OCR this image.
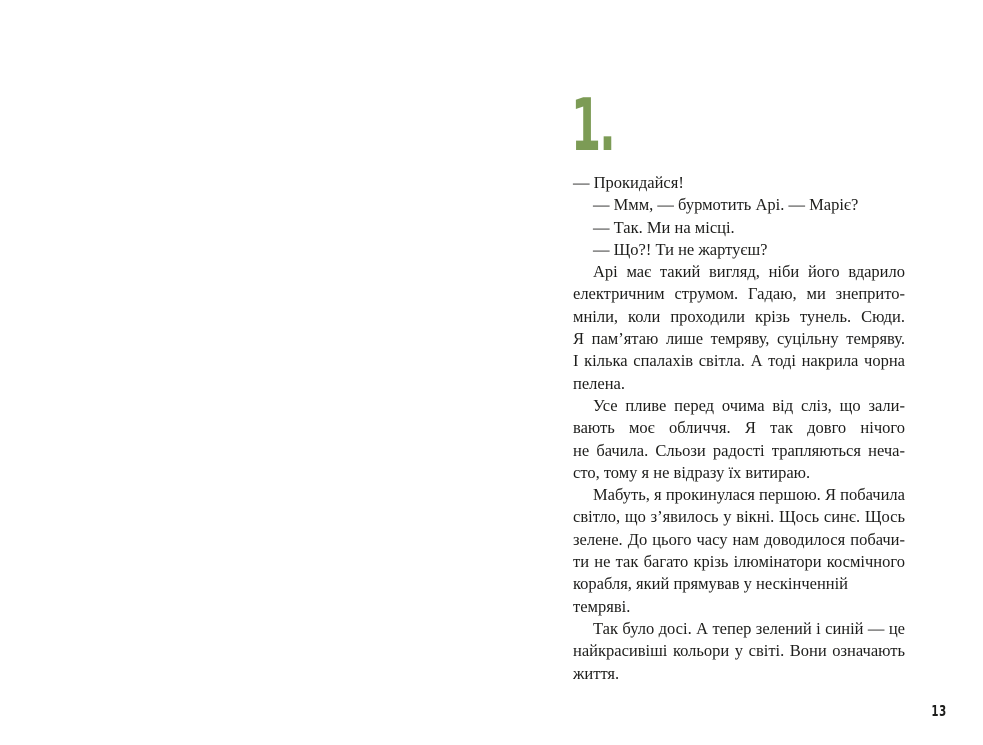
1.
— Прокидайся!
— Ммм, — бурмотить Арі. — Маріє?
— Так. Ми на місці.
— Що?! Ти не жартуєш?
Арі має такий вигляд, ніби його вдарило
електричним струмом. Гадаю, ми знеприто-
мніли, коли проходили крізь тунель. Сюди.
Я пам’ятаю лише темряву, суцільну темряву.
І кілька спалахів світла. А тоді накрила чорна
пелена.
Усе пливе перед очима від сліз, що зали-
вають моє обличчя. Я так довго нічого
не бачила. Сльози радості трапляються неча-
сто, тому я не відразу їх витираю.
Мабуть, я прокинулася першою. Я побачила
світло, що з’явилось у вікні. Щось синє. Щось
зелене. До цього часу нам доводилося побачи-
ти не так багато крізь ілюмінатори космічного
корабля, який прямував у нескінченній темряві.
Так було досі. А тепер зелений і синій — це
найкрасивіші кольори у світі. Вони означають
життя.
13
